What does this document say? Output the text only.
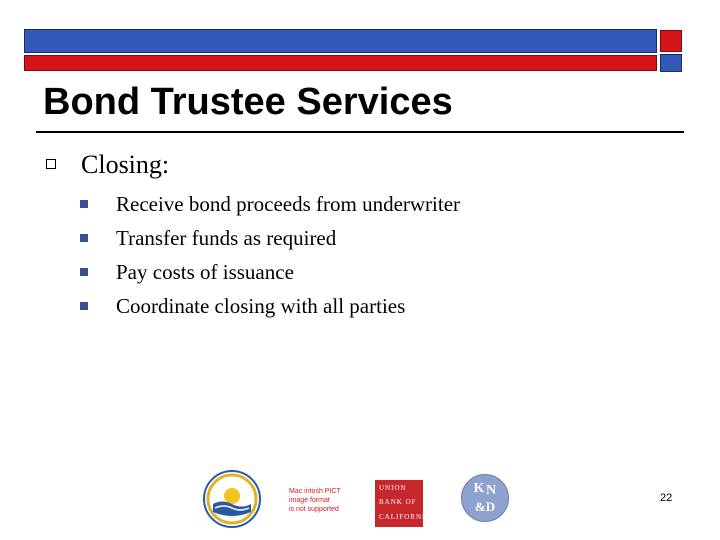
Bond Trustee Services
Closing:
Receive bond proceeds from underwriter
Transfer funds as required
Pay costs of issuance
Coordinate closing with all parties
Mac intosh PICT
image format
is not supported
UNION
BANK OF
CALIFORNIA
K N
&D
22
